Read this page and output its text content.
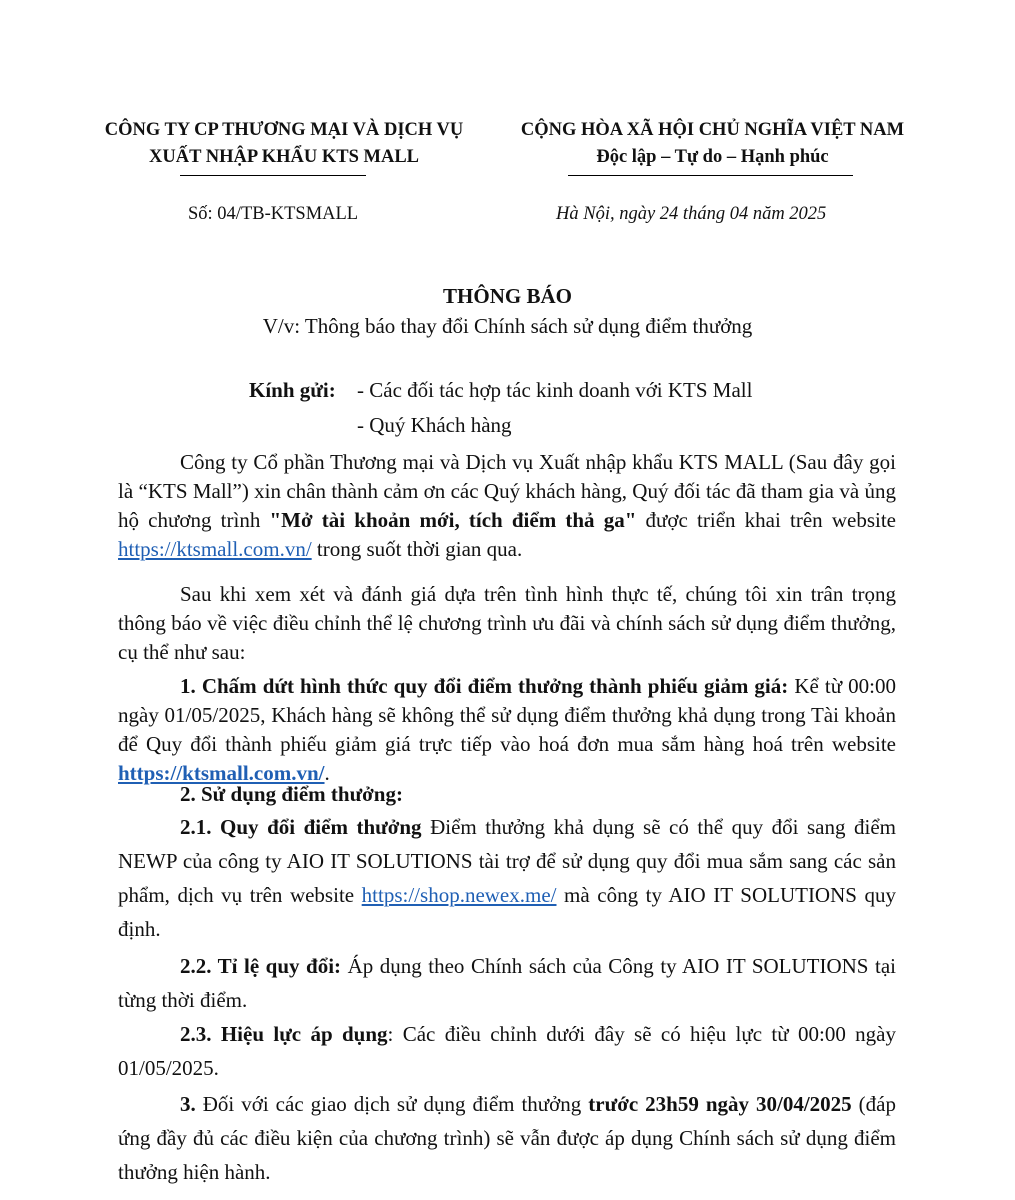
CÔNG TY CP THƯƠNG MẠI VÀ DỊCH VỤ
XUẤT NHẬP KHẨU KTS MALL
CỘNG HÒA XÃ HỘI CHỦ NGHĨA VIỆT NAM
Độc lập – Tự do – Hạnh phúc
Số: 04/TB-KTSMALL	Hà Nội, ngày 24 tháng 04 năm 2025
THÔNG BÁO
V/v: Thông báo thay đổi Chính sách sử dụng điểm thưởng
Kính gửi: - Các đối tác hợp tác kinh doanh với KTS Mall
- Quý Khách hàng

Công ty Cổ phần Thương mại và Dịch vụ Xuất nhập khẩu KTS MALL (Sau đây gọi là “KTS Mall”) xin chân thành cảm ơn các Quý khách hàng, Quý đối tác đã tham gia và ủng hộ chương trình "Mở tài khoản mới, tích điểm thả ga" được triển khai trên website https://ktsmall.com.vn/ trong suốt thời gian qua.

Sau khi xem xét và đánh giá dựa trên tình hình thực tế, chúng tôi xin trân trọng thông báo về việc điều chỉnh thể lệ chương trình ưu đãi và chính sách sử dụng điểm thưởng, cụ thể như sau:

1. Chấm dứt hình thức quy đổi điểm thưởng thành phiếu giảm giá: Kể từ 00:00 ngày 01/05/2025, Khách hàng sẽ không thể sử dụng điểm thưởng khả dụng trong Tài khoản để Quy đổi thành phiếu giảm giá trực tiếp vào hoá đơn mua sắm hàng hoá trên website https://ktsmall.com.vn/.

2. Sử dụng điểm thưởng:

2.1. Quy đổi điểm thưởng Điểm thưởng khả dụng sẽ có thể quy đổi sang điểm NEWP của công ty AIO IT SOLUTIONS tài trợ để sử dụng quy đổi mua sắm sang các sản phẩm, dịch vụ trên website https://shop.newex.me/ mà công ty AIO IT SOLUTIONS quy định.

2.2. Tỉ lệ quy đổi: Áp dụng theo Chính sách của Công ty AIO IT SOLUTIONS tại từng thời điểm.

2.3. Hiệu lực áp dụng: Các điều chỉnh dưới đây sẽ có hiệu lực từ 00:00 ngày 01/05/2025.

3. Đối với các giao dịch sử dụng điểm thưởng trước 23h59 ngày 30/04/2025 (đáp ứng đầy đủ các điều kiện của chương trình) sẽ vẫn được áp dụng Chính sách sử dụng điểm thưởng hiện hành.
